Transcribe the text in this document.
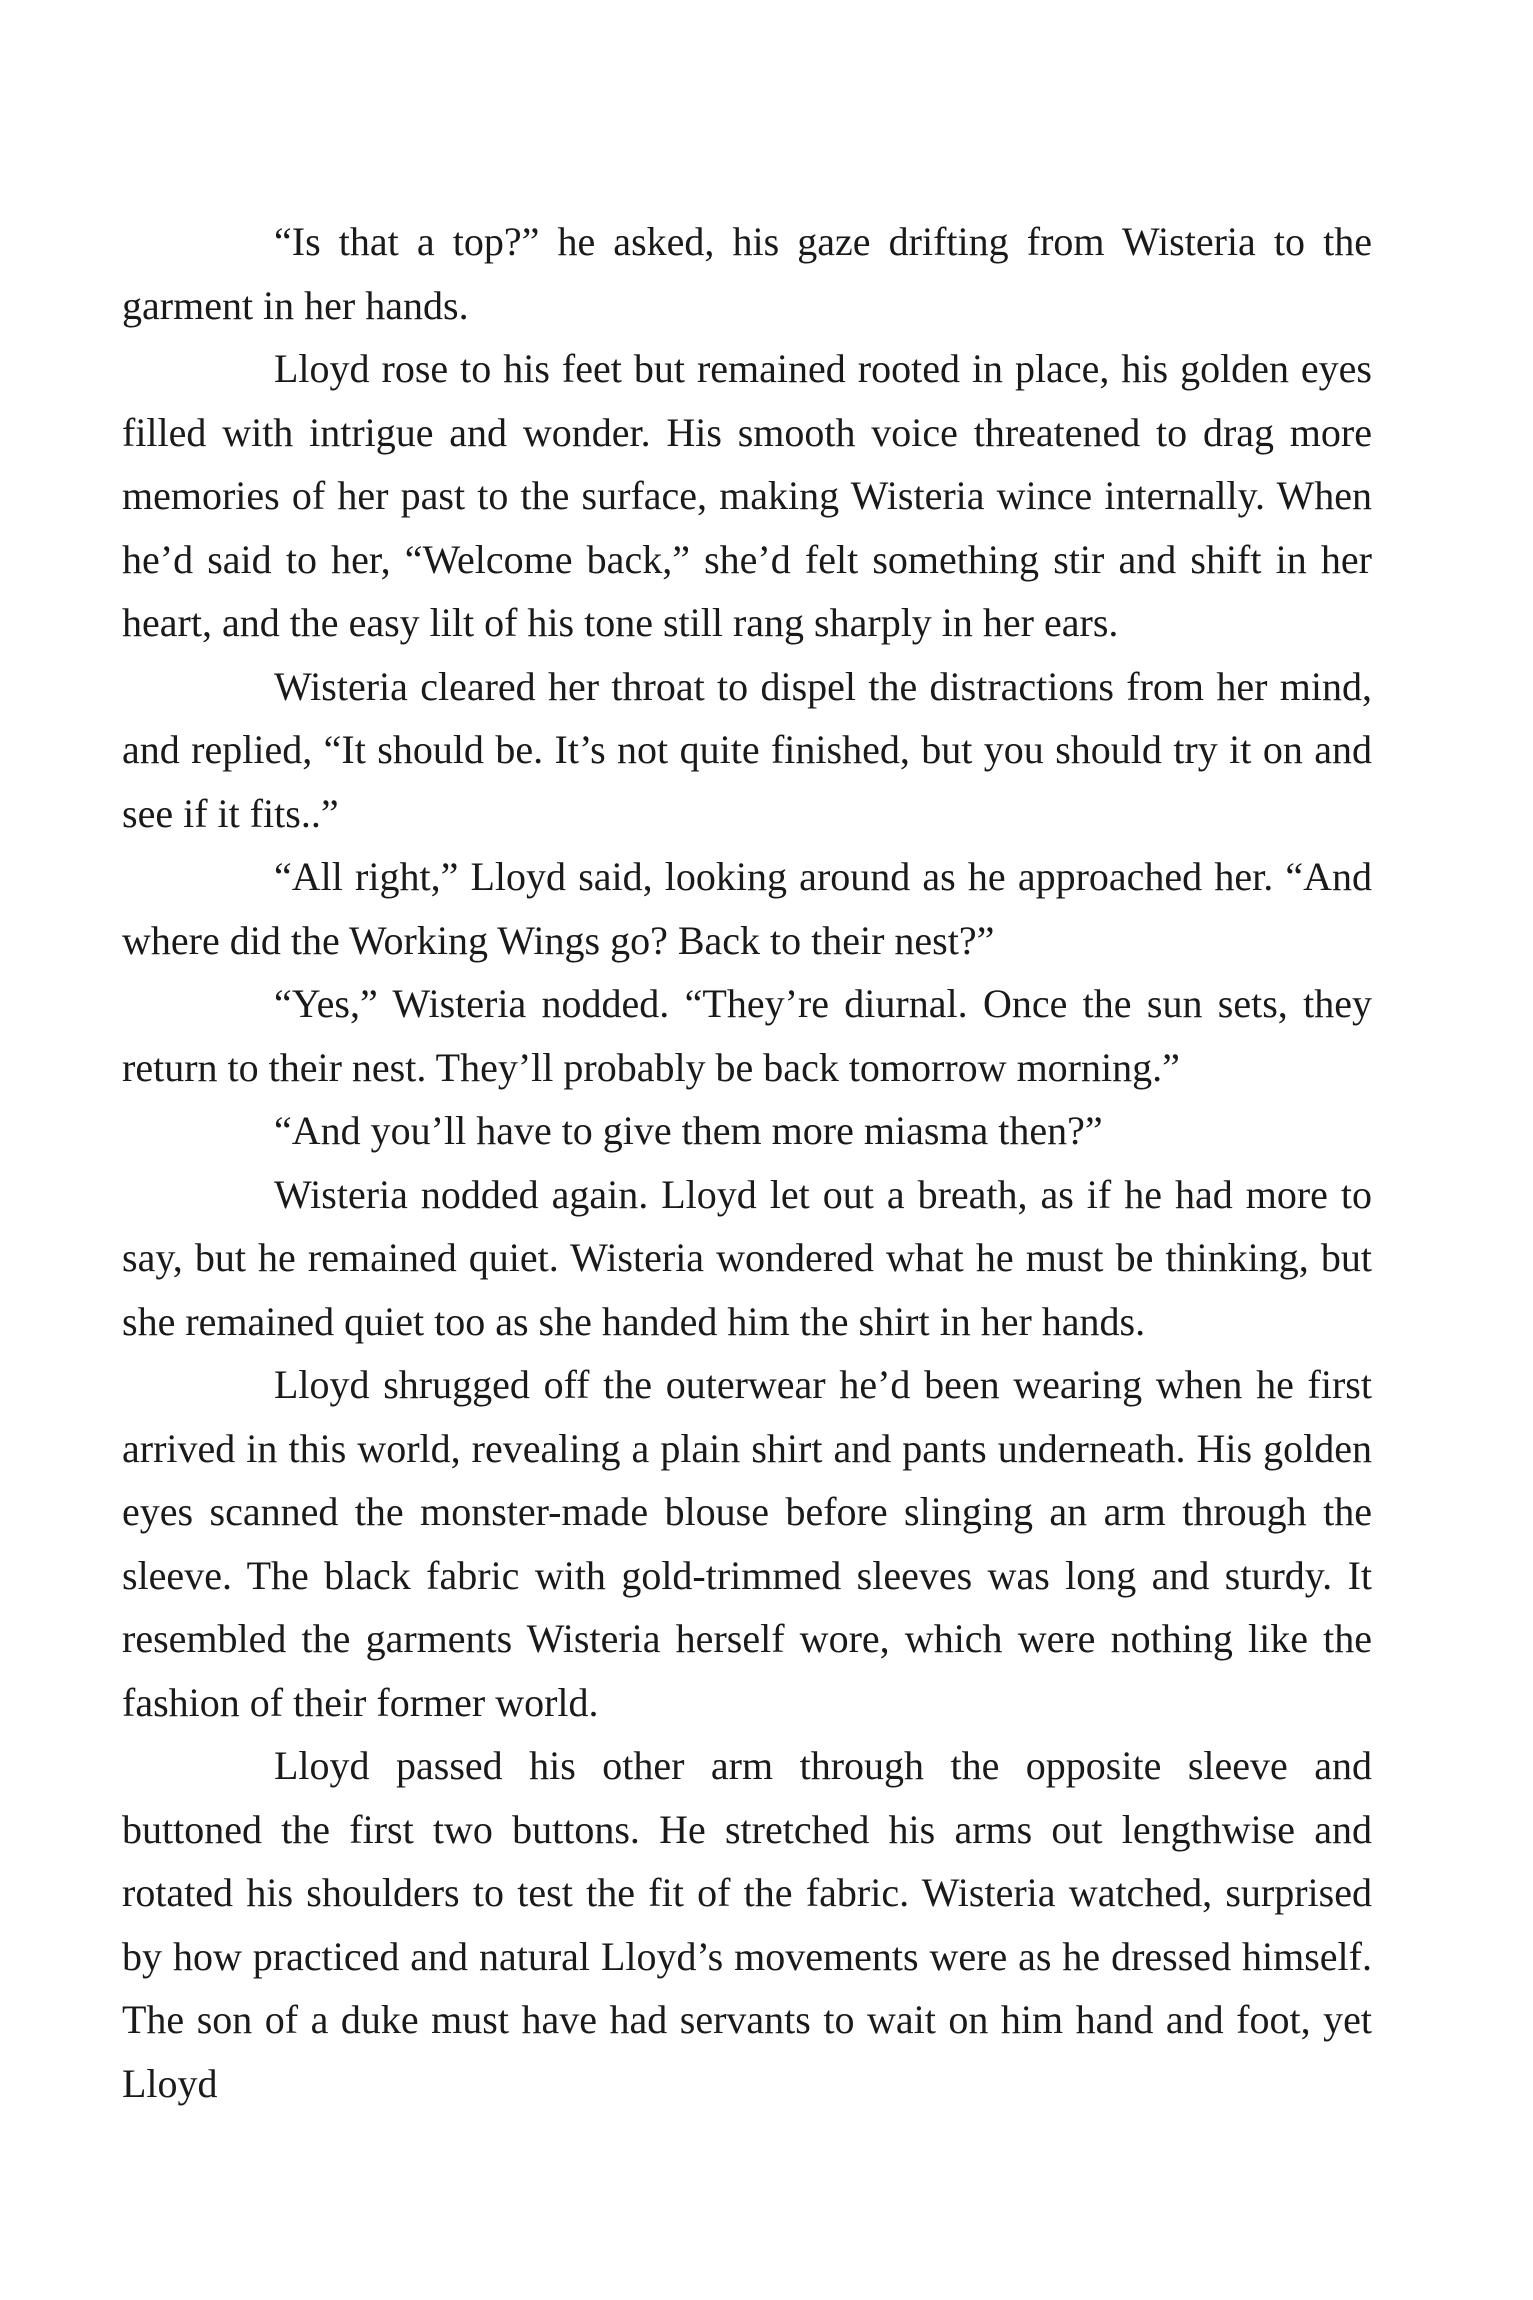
“Is that a top?” he asked, his gaze drifting from Wisteria to the garment in her hands.

Lloyd rose to his feet but remained rooted in place, his golden eyes filled with intrigue and wonder. His smooth voice threatened to drag more memories of her past to the surface, making Wisteria wince internally. When he’d said to her, “Welcome back,” she’d felt something stir and shift in her heart, and the easy lilt of his tone still rang sharply in her ears.

Wisteria cleared her throat to dispel the distractions from her mind, and replied, “It should be. It’s not quite finished, but you should try it on and see if it fits..”

“All right,” Lloyd said, looking around as he approached her. “And where did the Working Wings go? Back to their nest?”

“Yes,” Wisteria nodded. “They’re diurnal. Once the sun sets, they return to their nest. They’ll probably be back tomorrow morning.”

“And you’ll have to give them more miasma then?”

Wisteria nodded again. Lloyd let out a breath, as if he had more to say, but he remained quiet. Wisteria wondered what he must be thinking, but she remained quiet too as she handed him the shirt in her hands.

Lloyd shrugged off the outerwear he’d been wearing when he first arrived in this world, revealing a plain shirt and pants underneath. His golden eyes scanned the monster-made blouse before slinging an arm through the sleeve. The black fabric with gold-trimmed sleeves was long and sturdy. It resembled the garments Wisteria herself wore, which were nothing like the fashion of their former world.

Lloyd passed his other arm through the opposite sleeve and buttoned the first two buttons. He stretched his arms out lengthwise and rotated his shoulders to test the fit of the fabric. Wisteria watched, surprised by how practiced and natural Lloyd’s movements were as he dressed himself. The son of a duke must have had servants to wait on him hand and foot, yet Lloyd
